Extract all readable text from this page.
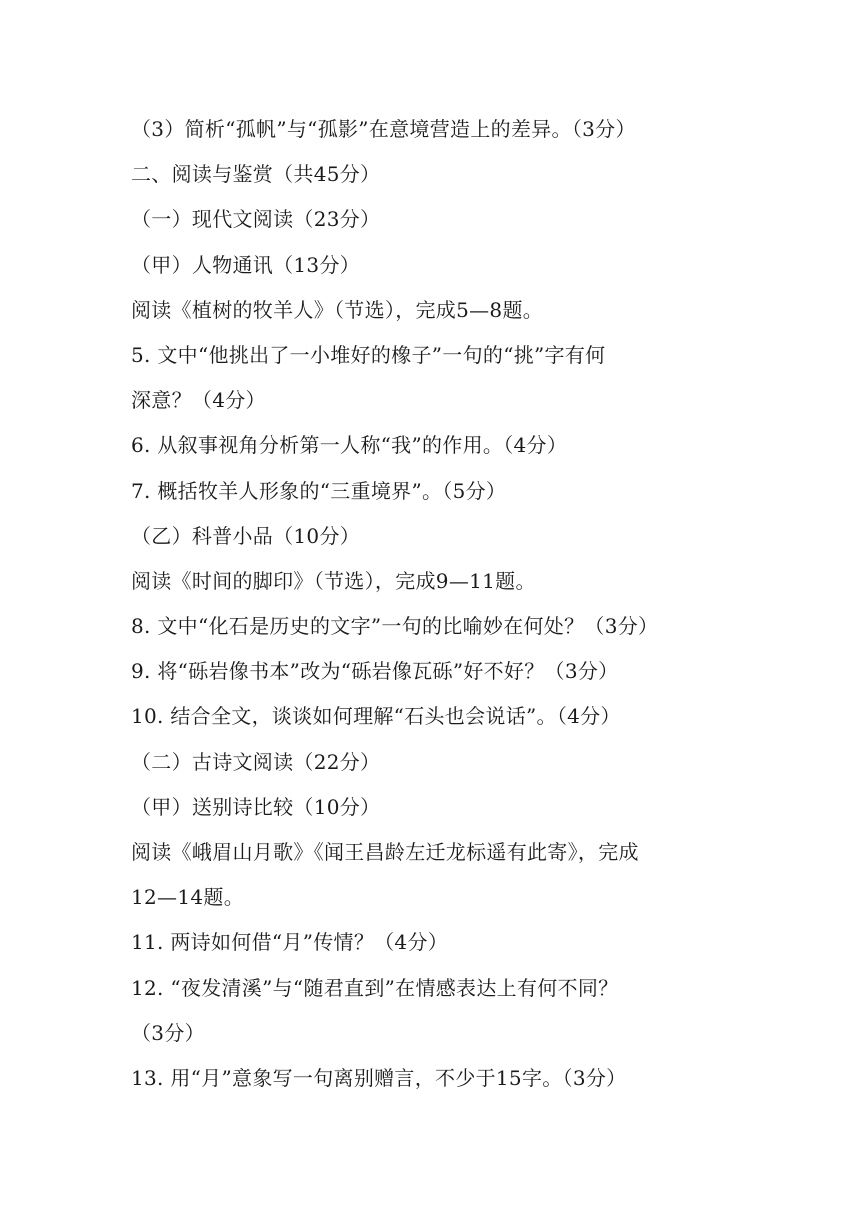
（3）简析“孤帆”与“孤影”在意境营造上的差异。（3分）
二、阅读与鉴赏（共45分）
（一）现代文阅读（23分）
（甲）人物通讯（13分）
阅读《植树的牧羊人》（节选），完成5—8题。
5. 文中“他挑出了一小堆好的橡子”一句的“挑”字有何
深意？（4分）
6. 从叙事视角分析第一人称“我”的作用。（4分）
7. 概括牧羊人形象的“三重境界”。（5分）
（乙）科普小品（10分）
阅读《时间的脚印》（节选），完成9—11题。
8. 文中“化石是历史的文字”一句的比喻妙在何处？（3分）
9. 将“砾岩像书本”改为“砾岩像瓦砾”好不好？（3分）
10. 结合全文，谈谈如何理解“石头也会说话”。（4分）
（二）古诗文阅读（22分）
（甲）送别诗比较（10分）
阅读《峨眉山月歌》《闻王昌龄左迁龙标遥有此寄》，完成
12—14题。
11. 两诗如何借“月”传情？（4分）
12. “夜发清溪”与“随君直到”在情感表达上有何不同？
（3分）
13. 用“月”意象写一句离别赠言，不少于15字。（3分）
